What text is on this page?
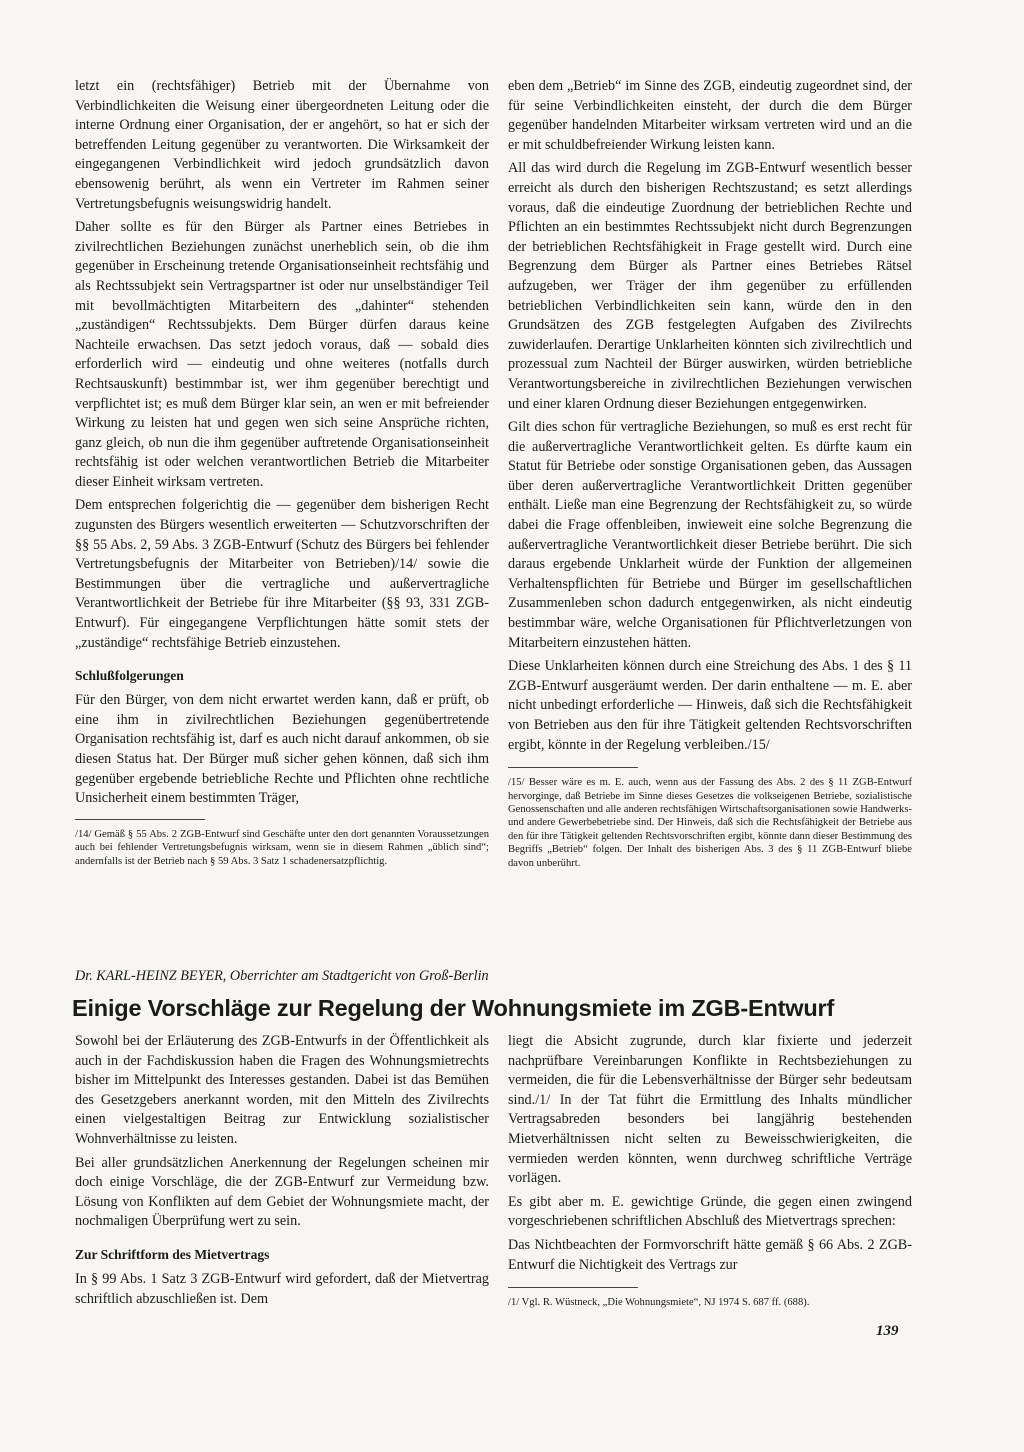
letzt ein (rechtsfähiger) Betrieb mit der Übernahme von Verbindlichkeiten die Weisung einer übergeordneten Leitung oder die interne Ordnung einer Organisation, der er angehört, so hat er sich der betreffenden Leitung gegenüber zu verantworten. Die Wirksamkeit der eingegangenen Verbindlichkeit wird jedoch grundsätzlich davon ebensowenig berührt, als wenn ein Vertreter im Rahmen seiner Vertretungsbefugnis weisungswidrig handelt.

Daher sollte es für den Bürger als Partner eines Betriebes in zivilrechtlichen Beziehungen zunächst unerheblich sein, ob die ihm gegenüber in Erscheinung tretende Organisationseinheit rechtsfähig und als Rechtssubjekt sein Vertragspartner ist oder nur unselbständiger Teil mit bevollmächtigten Mitarbeitern des „dahinter“ stehenden „zuständigen“ Rechtssubjekts. Dem Bürger dürfen daraus keine Nachteile erwachsen. Das setzt jedoch voraus, daß — sobald dies erforderlich wird — eindeutig und ohne weiteres (notfalls durch Rechtsauskunft) bestimmbar ist, wer ihm gegenüber berechtigt und verpflichtet ist; es muß dem Bürger klar sein, an wen er mit befreiender Wirkung zu leisten hat und gegen wen sich seine Ansprüche richten, ganz gleich, ob nun die ihm gegenüber auftretende Organisationseinheit rechtsfähig ist oder welchen verantwortlichen Betrieb die Mitarbeiter dieser Einheit wirksam vertreten.

Dem entsprechen folgerichtig die — gegenüber dem bisherigen Recht zugunsten des Bürgers wesentlich erweiterten — Schutzvorschriften der §§ 55 Abs. 2, 59 Abs. 3 ZGB-Entwurf (Schutz des Bürgers bei fehlender Vertretungsbefugnis der Mitarbeiter von Betrieben)/14/ sowie die Bestimmungen über die vertragliche und außervertragliche Verantwortlichkeit der Betriebe für ihre Mitarbeiter (§§ 93, 331 ZGB-Entwurf). Für eingegangene Verpflichtungen hätte somit stets der „zuständige“ rechtsfähige Betrieb einzustehen.

Schlußfolgerungen

Für den Bürger, von dem nicht erwartet werden kann, daß er prüft, ob eine ihm in zivilrechtlichen Beziehungen gegenübertretende Organisation rechtsfähig ist, darf es auch nicht darauf ankommen, ob sie diesen Status hat. Der Bürger muß sicher gehen können, daß sich ihm gegenüber ergebende betriebliche Rechte und Pflichten ohne rechtliche Unsicherheit einem bestimmten Träger,

/14/ Gemäß § 55 Abs. 2 ZGB-Entwurf sind Geschäfte unter den dort genannten Voraussetzungen auch bei fehlender Vertretungsbefugnis wirksam, wenn sie in diesem Rahmen „üblich sind“; andernfalls ist der Betrieb nach § 59 Abs. 3 Satz 1 schadenersatzpflichtig.

eben dem „Betrieb“ im Sinne des ZGB, eindeutig zugeordnet sind, der für seine Verbindlichkeiten einsteht, der durch die dem Bürger gegenüber handelnden Mitarbeiter wirksam vertreten wird und an die er mit schuldbefreiender Wirkung leisten kann.

All das wird durch die Regelung im ZGB-Entwurf wesentlich besser erreicht als durch den bisherigen Rechtszustand; es setzt allerdings voraus, daß die eindeutige Zuordnung der betrieblichen Rechte und Pflichten an ein bestimmtes Rechtssubjekt nicht durch Begrenzungen der betrieblichen Rechtsfähigkeit in Frage gestellt wird. Durch eine Begrenzung dem Bürger als Partner eines Betriebes Rätsel aufzugeben, wer Träger der ihm gegenüber zu erfüllenden betrieblichen Verbindlichkeiten sein kann, würde den in den Grundsätzen des ZGB festgelegten Aufgaben des Zivilrechts zuwiderlaufen. Derartige Unklarheiten könnten sich zivilrechtlich und prozessual zum Nachteil der Bürger auswirken, würden betriebliche Verantwortungsbereiche in zivilrechtlichen Beziehungen verwischen und einer klaren Ordnung dieser Beziehungen entgegenwirken.

Gilt dies schon für vertragliche Beziehungen, so muß es erst recht für die außervertragliche Verantwortlichkeit gelten. Es dürfte kaum ein Statut für Betriebe oder sonstige Organisationen geben, das Aussagen über deren außervertragliche Verantwortlichkeit Dritten gegenüber enthält. Ließe man eine Begrenzung der Rechtsfähigkeit zu, so würde dabei die Frage offenbleiben, inwieweit eine solche Begrenzung die außervertragliche Verantwortlichkeit dieser Betriebe berührt. Die sich daraus ergebende Unklarheit würde der Funktion der allgemeinen Verhaltenspflichten für Betriebe und Bürger im gesellschaftlichen Zusammenleben schon dadurch entgegenwirken, als nicht eindeutig bestimmbar wäre, welche Organisationen für Pflichtverletzungen von Mitarbeitern einzustehen hätten.

Diese Unklarheiten können durch eine Streichung des Abs. 1 des § 11 ZGB-Entwurf ausgeräumt werden. Der darin enthaltene — m. E. aber nicht unbedingt erforderliche — Hinweis, daß sich die Rechtsfähigkeit von Betrieben aus den für ihre Tätigkeit geltenden Rechtsvorschriften ergibt, könnte in der Regelung verbleiben./15/

/15/ Besser wäre es m. E. auch, wenn aus der Fassung des Abs. 2 des § 11 ZGB-Entwurf hervorginge, daß Betriebe im Sinne dieses Gesetzes die volkseigenen Betriebe, sozialistische Genossenschaften und alle anderen rechtsfähigen Wirtschaftsorganisationen sowie Handwerks- und andere Gewerbebetriebe sind. Der Hinweis, daß sich die Rechtsfähigkeit der Betriebe aus den für ihre Tätigkeit geltenden Rechtsvorschriften ergibt, könnte dann dieser Bestimmung des Begriffs „Betrieb“ folgen. Der Inhalt des bisherigen Abs. 3 des § 11 ZGB-Entwurf bliebe davon unberührt.

Dr. KARL-HEINZ BEYER, Oberrichter am Stadtgericht von Groß-Berlin

Einige Vorschläge zur Regelung der Wohnungsmiete im ZGB-Entwurf

Sowohl bei der Erläuterung des ZGB-Entwurfs in der Öffentlichkeit als auch in der Fachdiskussion haben die Fragen des Wohnungsmietrechts bisher im Mittelpunkt des Interesses gestanden. Dabei ist das Bemühen des Gesetzgebers anerkannt worden, mit den Mitteln des Zivilrechts einen vielgestaltigen Beitrag zur Entwicklung sozialistischer Wohnverhältnisse zu leisten.

Bei aller grundsätzlichen Anerkennung der Regelungen scheinen mir doch einige Vorschläge, die der ZGB-Entwurf zur Vermeidung bzw. Lösung von Konflikten auf dem Gebiet der Wohnungsmiete macht, der nochmaligen Überprüfung wert zu sein.

Zur Schriftform des Mietvertrags

In § 99 Abs. 1 Satz 3 ZGB-Entwurf wird gefordert, daß der Mietvertrag schriftlich abzuschließen ist. Dem

liegt die Absicht zugrunde, durch klar fixierte und jederzeit nachprüfbare Vereinbarungen Konflikte in Rechtsbeziehungen zu vermeiden, die für die Lebensverhältnisse der Bürger sehr bedeutsam sind./1/ In der Tat führt die Ermittlung des Inhalts mündlicher Vertragsabreden besonders bei langjährig bestehenden Mietverhältnissen nicht selten zu Beweisschwierigkeiten, die vermieden werden könnten, wenn durchweg schriftliche Verträge vorlägen.

Es gibt aber m. E. gewichtige Gründe, die gegen einen zwingend vorgeschriebenen schriftlichen Abschluß des Mietvertrags sprechen:

Das Nichtbeachten der Formvorschrift hätte gemäß § 66 Abs. 2 ZGB-Entwurf die Nichtigkeit des Vertrags zur

/1/ Vgl. R. Wüstneck, „Die Wohnungsmiete“, NJ 1974 S. 687 ff. (688).

139
